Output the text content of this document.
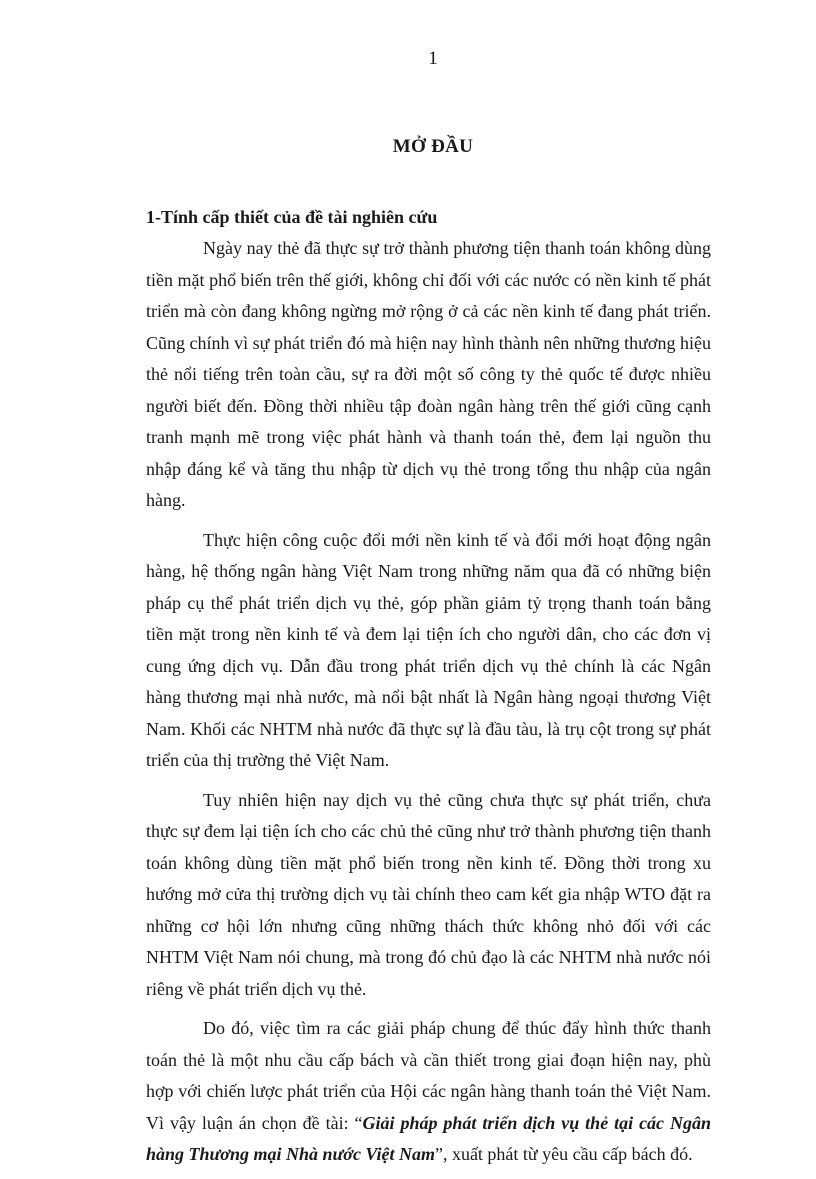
1
MỞ ĐẦU

1-Tính cấp thiết của đề tài nghiên cứu

Ngày nay thẻ đã thực sự trở thành phương tiện thanh toán không dùng tiền mặt phổ biến trên thế giới, không chỉ đối với các nước có nền kinh tế phát triển mà còn đang không ngừng mở rộng ở cả các nền kinh tế đang phát triển. Cũng chính vì sự phát triển đó mà hiện nay hình thành nên những thương hiệu thẻ nổi tiếng trên toàn cầu, sự ra đời một số công ty thẻ quốc tế được nhiều người biết đến. Đồng thời nhiều tập đoàn ngân hàng trên thế giới cũng cạnh tranh mạnh mẽ trong việc phát hành và thanh toán thẻ, đem lại nguồn thu nhập đáng kể và tăng thu nhập từ dịch vụ thẻ trong tổng thu nhập của ngân hàng.

Thực hiện công cuộc đổi mới nền kinh tế và đổi mới hoạt động ngân hàng, hệ thống ngân hàng Việt Nam trong những năm qua đã có những biện pháp cụ thể phát triển dịch vụ thẻ, góp phần giảm tỷ trọng thanh toán bằng tiền mặt trong nền kinh tế và đem lại tiện ích cho người dân, cho các đơn vị cung ứng dịch vụ. Dẫn đầu trong phát triển dịch vụ thẻ chính là các Ngân hàng thương mại nhà nước, mà nổi bật nhất là Ngân hàng ngoại thương Việt Nam. Khối các NHTM nhà nước đã thực sự là đầu tàu, là trụ cột trong sự phát triển của thị trường thẻ Việt Nam.

Tuy nhiên hiện nay dịch vụ thẻ cũng chưa thực sự phát triển, chưa thực sự đem lại tiện ích cho các chủ thẻ cũng như trở thành phương tiện thanh toán không dùng tiền mặt phổ biến trong nền kinh tế. Đồng thời trong xu hướng mở cửa thị trường dịch vụ tài chính theo cam kết gia nhập WTO đặt ra những cơ hội lớn nhưng cũng những thách thức không nhỏ đối với các NHTM Việt Nam nói chung, mà trong đó chủ đạo là các NHTM nhà nước nói riêng về phát triển dịch vụ thẻ.

Do đó, việc tìm ra các giải pháp chung để thúc đẩy hình thức thanh toán thẻ là một nhu cầu cấp bách và cần thiết trong giai đoạn hiện nay, phù hợp với chiến lược phát triển của Hội các ngân hàng thanh toán thẻ Việt Nam. Vì vậy luận án chọn đề tài: “Giải pháp phát triển dịch vụ thẻ tại các Ngân hàng Thương mại Nhà nước Việt Nam”, xuất phát từ yêu cầu cấp bách đó.
